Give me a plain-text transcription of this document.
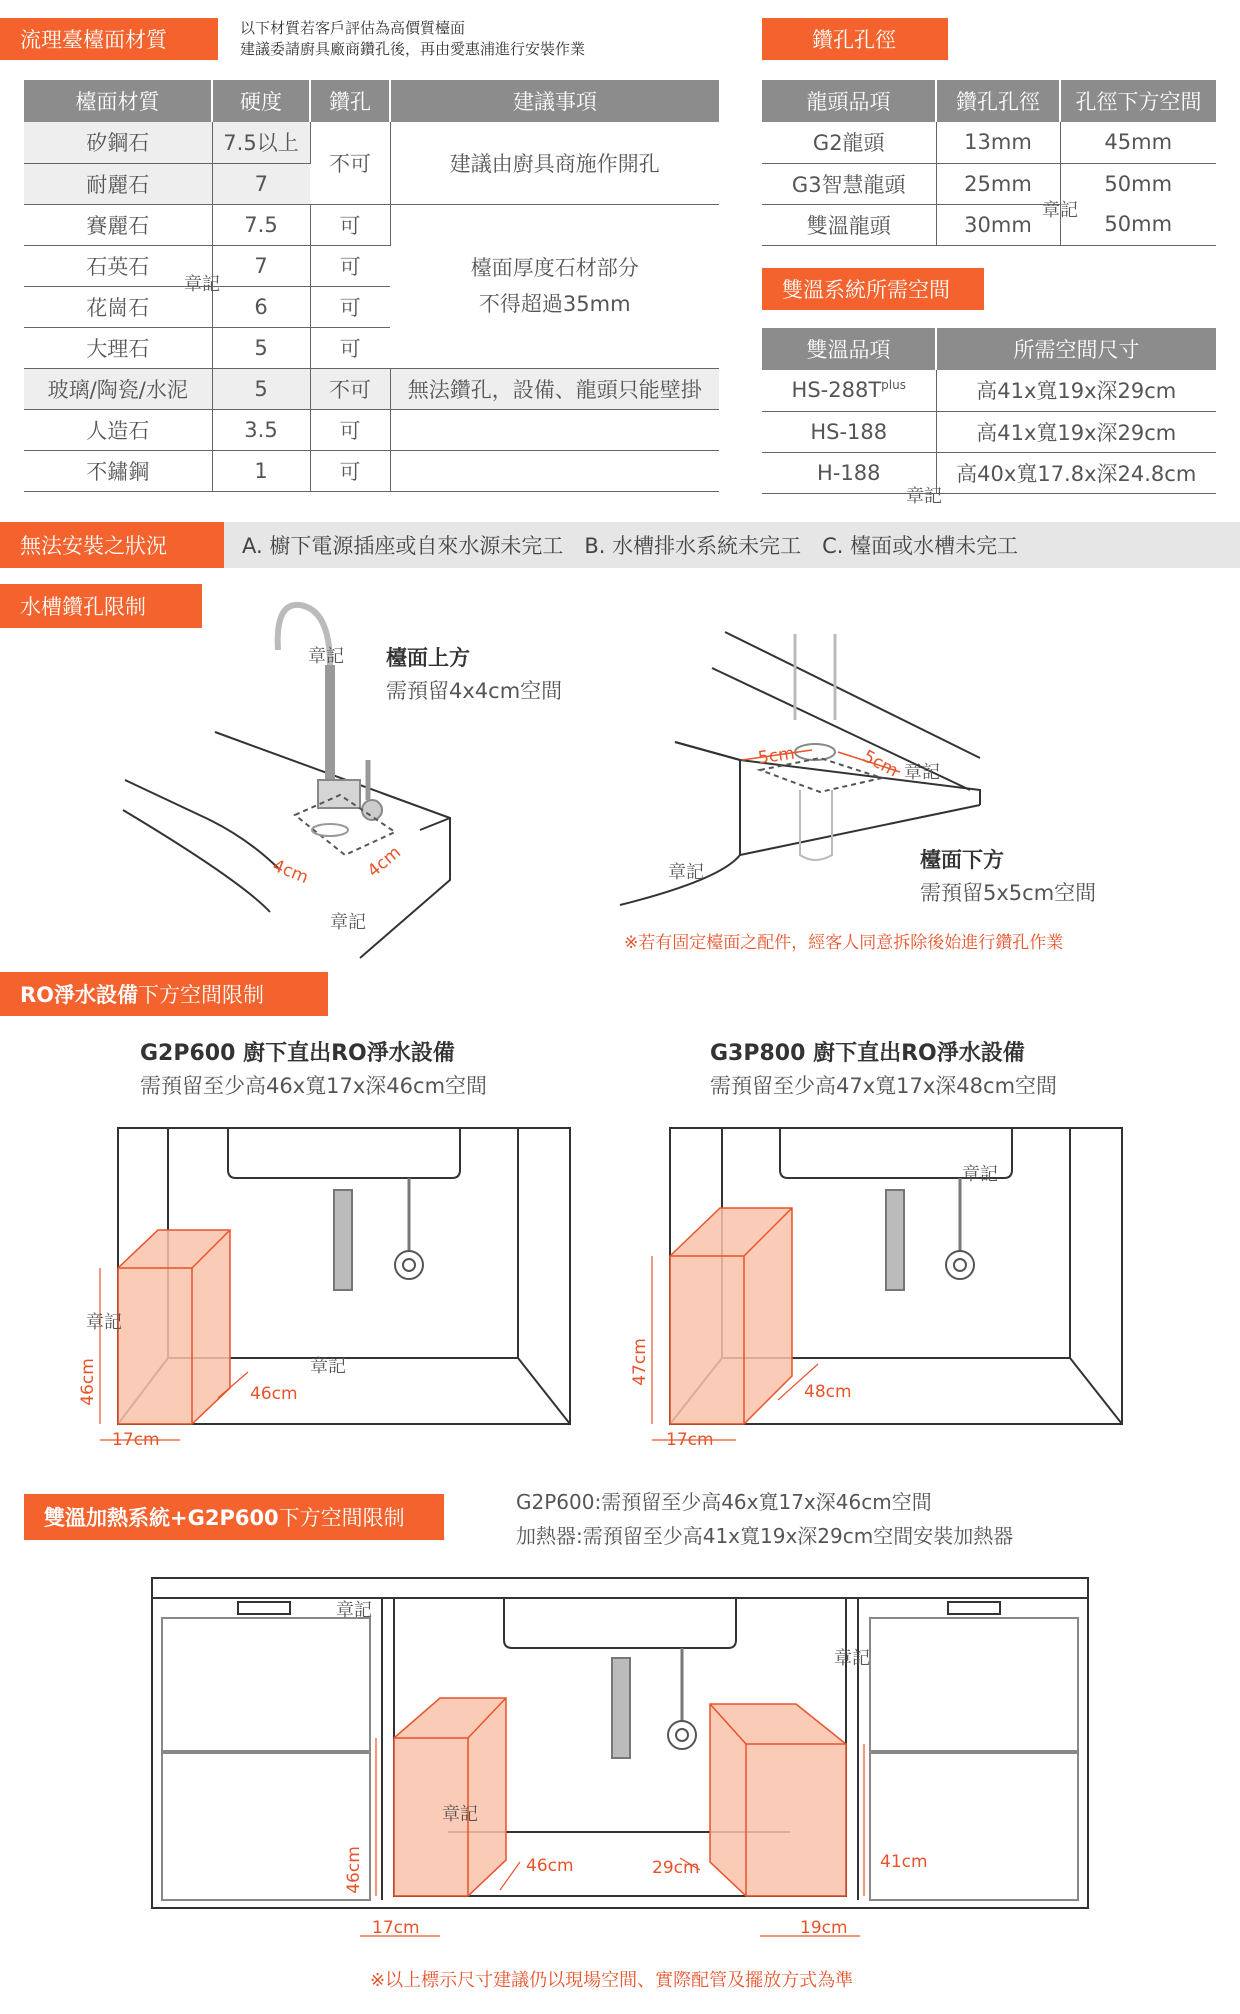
流理臺檯面材質	以下材質若客戶評估為高價質檯面
建議委請廚具廠商鑽孔後，再由愛惠浦進行安裝作業
檯面材質	硬度	鑽孔	建議事項
矽鋼石	7.5以上	不可	建議由廚具商施作開孔
耐麗石	7		
賽麗石	7.5	可	檯面厚度石材部分
不得超過35mm

石英石	7	可	
花崗石	6	可	
大理石	5	可	
玻璃/陶瓷/水泥	5	不可	無法鑽孔，設備、龍頭只能壁掛
人造石	3.5	可	
不鏽鋼	1	可	
章記
鑽孔孔徑
龍頭品項	鑽孔孔徑	孔徑下方空間
G2龍頭	13mm	45mm
G3智慧龍頭	25mm	50mm
雙溫龍頭	30mm	50mm
章記
雙溫系統所需空間
雙溫品項	所需空間尺寸
$HS-288T^{plus}$	高41x寬19x深29cm
HS-188	高41x寬19x深29cm
H-188	高40x寬17.8x深24.8cm
章記
無法安裝之狀況	A. 櫥下電源插座或自來水源未完工　B. 水槽排水系統未完工　C. 檯面或水槽未完工
水槽鑽孔限制
章記 檯面上方
需預留4x4cm空間
4cm	4cm
章記
5cm	5cm 章記
章記
檯面下方
需預留5x5cm空間
※若有固定檯面之配件，經客人同意拆除後始進行鑽孔作業
RO淨水設備 下方空間限制
G2P600 廚下直出RO淨水設備
需預留至少高46x寬17x深46cm空間
G3P800 廚下直出RO淨水設備
需預留至少高47x寬17x深48cm空間
章記
章記
章記
46cm
17cm
46cm
47cm
17cm
48cm
雙溫加熱系統+G2P600 下方空間限制
G2P600:需預留至少高46x寬17x深46cm空間
加熱器:需預留至少高41x寬19x深29cm空間安裝加熱器
章記
章記
章記
46cm
17cm
46cm	29cm	41cm
19cm
※以上標示尺寸建議仍以現場空間、實際配管及擺放方式為準
